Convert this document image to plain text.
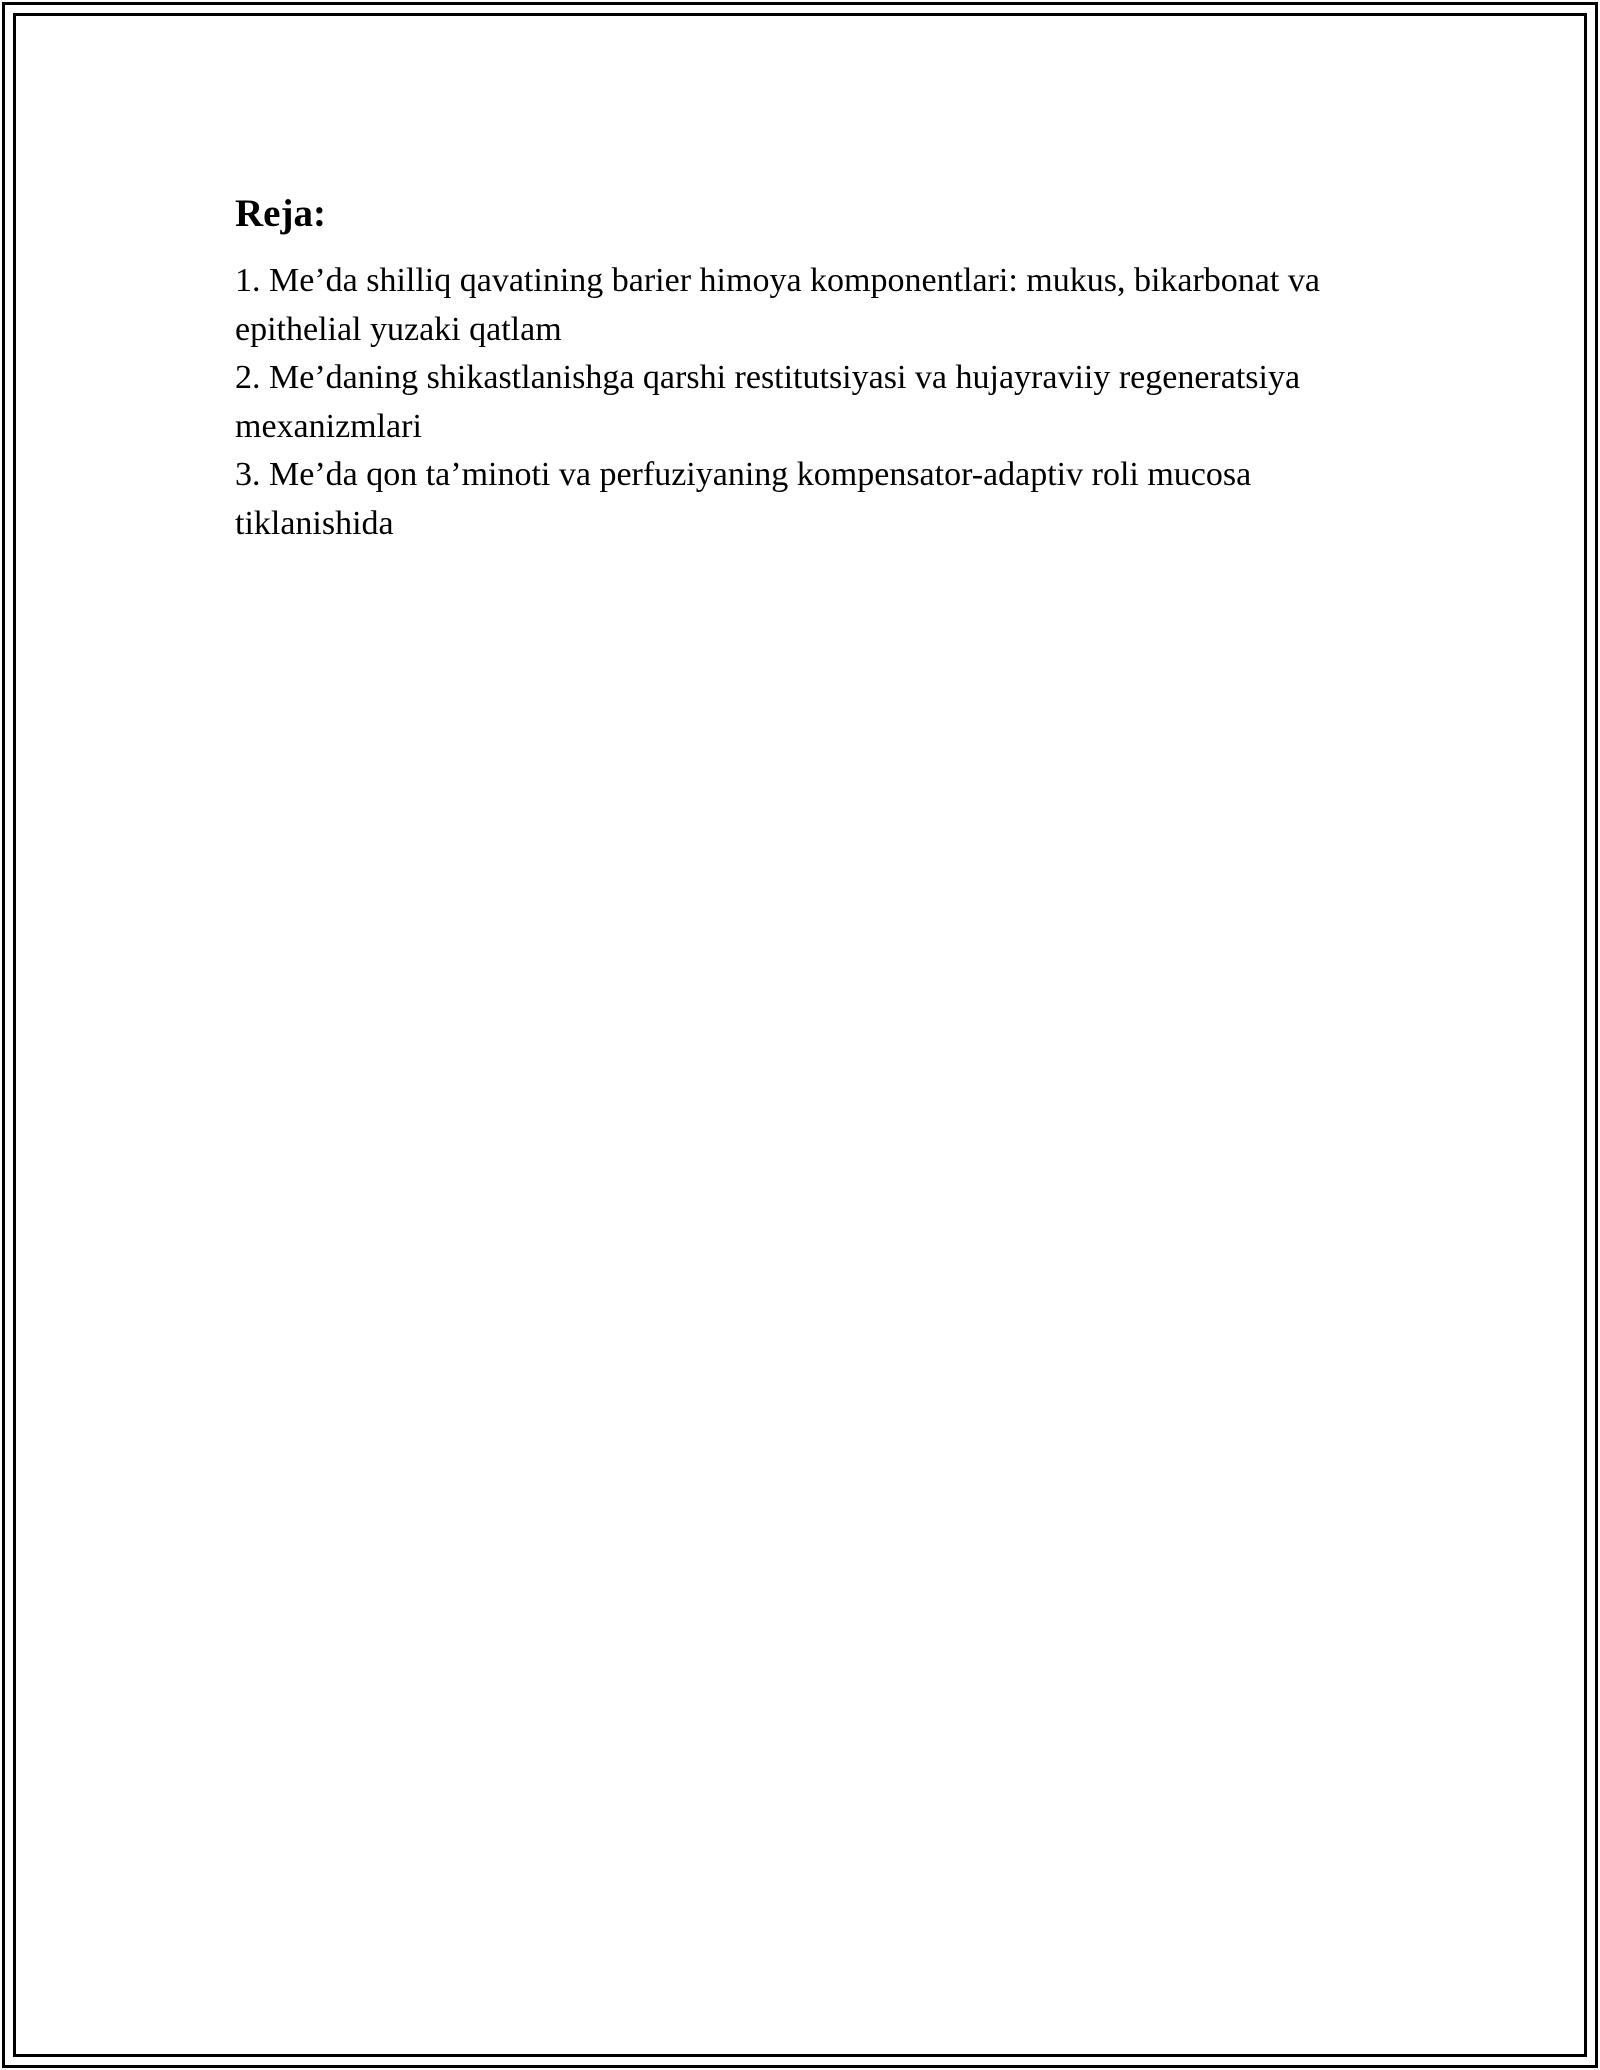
Reja:
1. Me’da shilliq qavatining barier himoya komponentlari: mukus, bikarbonat va epithelial yuzaki qatlam
2. Me’daning shikastlanishga qarshi restitutsiyasi va hujayraviiy regeneratsiya mexanizmlari
3. Me’da qon ta’minoti va perfuziyaning kompensator-adaptiv roli mucosa tiklanishida
